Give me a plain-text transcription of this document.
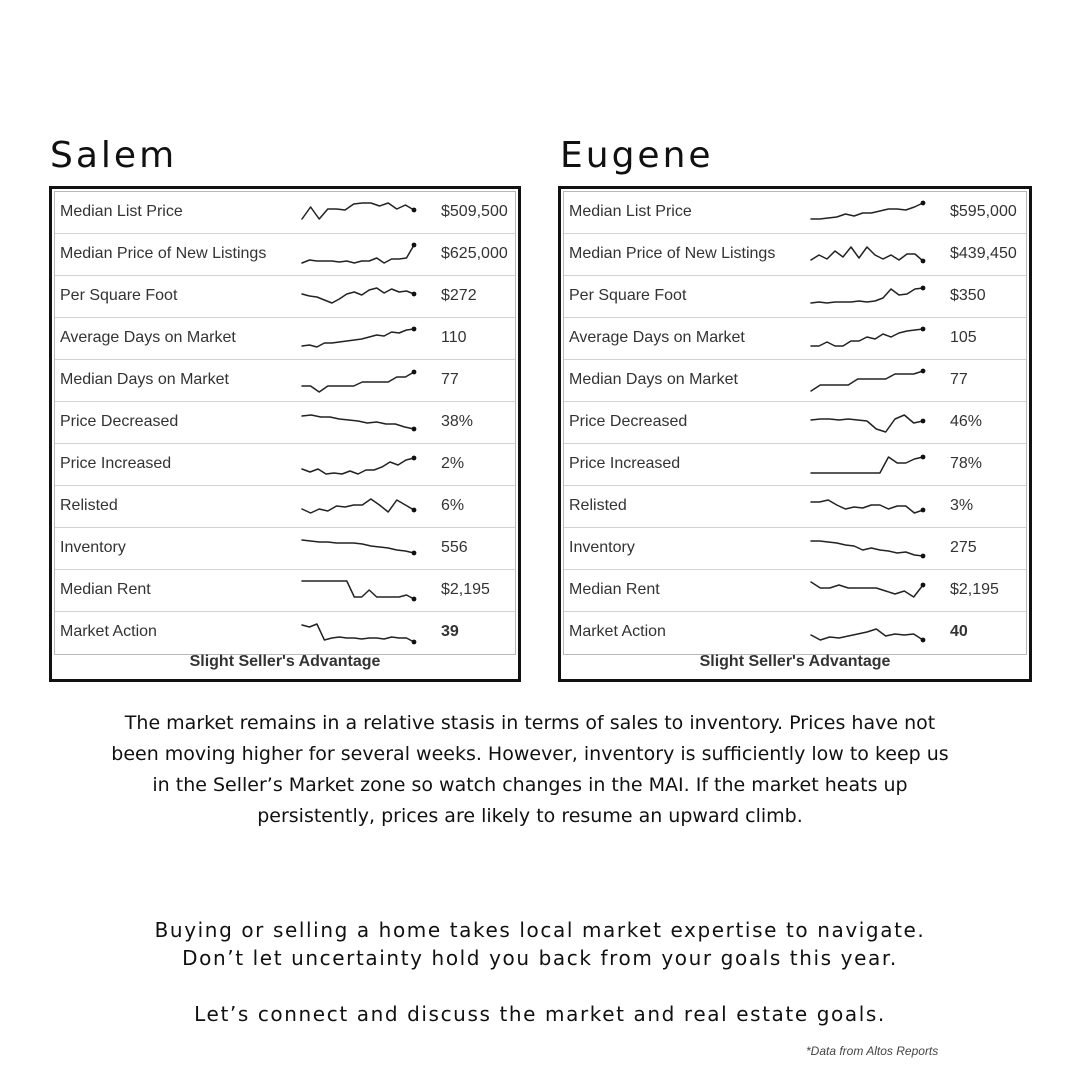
Salem	Eugene
Median List Price	$509,500
Median Price of New Listings	$625,000
Per Square Foot	$272
Average Days on Market	110
Median Days on Market	77
Price Decreased	38%
Price Increased	2%
Relisted	6%
Inventory	556
Median Rent	$2,195
Market Action	39
Slight Seller's Advantage
Median List Price	$595,000
Median Price of New Listings	$439,450
Per Square Foot	$350
Average Days on Market	105
Median Days on Market	77
Price Decreased	46%
Price Increased	78%
Relisted	3%
Inventory	275
Median Rent	$2,195
Market Action	40
Slight Seller's Advantage

The market remains in a relative stasis in terms of sales to inventory. Prices have not been moving higher for several weeks. However, inventory is sufficiently low to keep us in the Seller’s Market zone so watch changes in the MAI. If the market heats up persistently, prices are likely to resume an upward climb.

Buying or selling a home takes local market expertise to navigate.

Don’t let uncertainty hold you back from your goals this year.

Let’s connect and discuss the market and real estate goals.

*Data from Altos Reports
